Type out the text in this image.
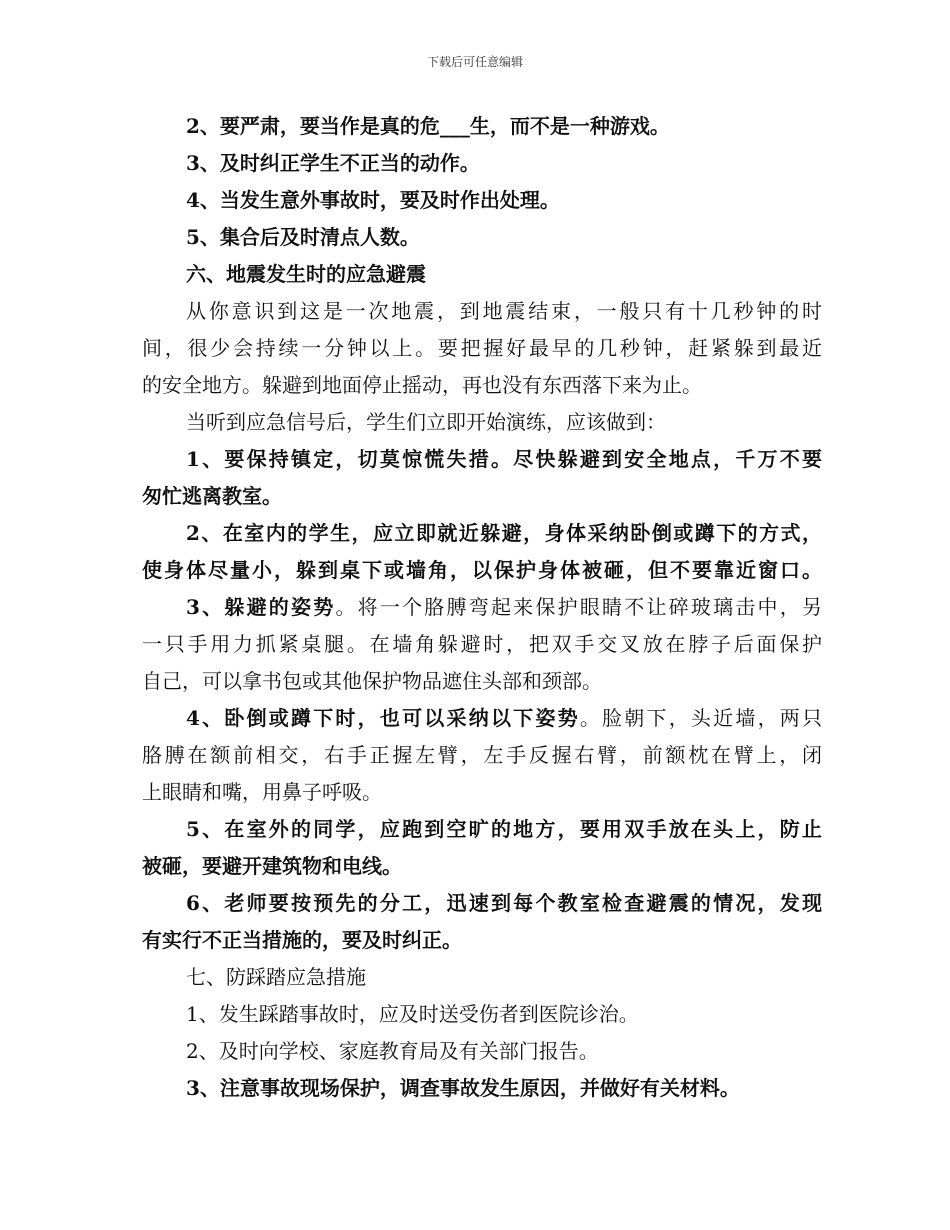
下载后可任意编辑
2、要严肃，要当作是真的危___生，而不是一种游戏。
3、及时纠正学生不正当的动作。
4、当发生意外事故时，要及时作出处理。
5、集合后及时清点人数。
六、地震发生时的应急避震
从你意识到这是一次地震，到地震结束，一般只有十几秒钟的时
间，很少会持续一分钟以上。要把握好最早的几秒钟，赶紧躲到最近
的安全地方。躲避到地面停止摇动，再也没有东西落下来为止。
当听到应急信号后，学生们立即开始演练，应该做到：
1、要保持镇定，切莫惊慌失措。尽快躲避到安全地点，千万不要
匆忙逃离教室。
2、在室内的学生，应立即就近躲避，身体采纳卧倒或蹲下的方式，
使身体尽量小，躲到桌下或墙角，以保护身体被砸，但不要靠近窗口。
3、躲避的姿势。将一个胳膊弯起来保护眼睛不让碎玻璃击中，另
一只手用力抓紧桌腿。在墙角躲避时，把双手交叉放在脖子后面保护
自己，可以拿书包或其他保护物品遮住头部和颈部。
4、卧倒或蹲下时，也可以采纳以下姿势。脸朝下，头近墙，两只
胳膊在额前相交，右手正握左臂，左手反握右臂，前额枕在臂上，闭
上眼睛和嘴，用鼻子呼吸。
5、在室外的同学，应跑到空旷的地方，要用双手放在头上，防止
被砸，要避开建筑物和电线。
6、老师要按预先的分工，迅速到每个教室检查避震的情况，发现
有实行不正当措施的，要及时纠正。
七、防踩踏应急措施
1、发生踩踏事故时，应及时送受伤者到医院诊治。
2、及时向学校、家庭教育局及有关部门报告。
3、注意事故现场保护，调查事故发生原因，并做好有关材料。
